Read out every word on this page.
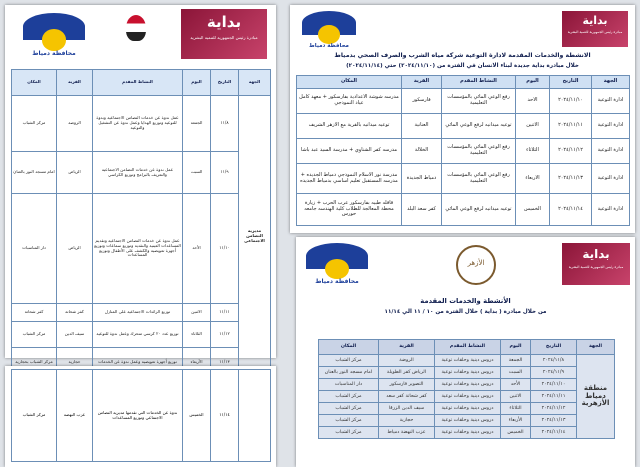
محافظة دمياط
بداية
مبادرة رئيس الجمهورية للتنمية البشرية
الجهة	التاريخ	اليوم	النشاط المقدم	القرية	المكان
مديرية التضامن الاجتماعي	١١/٨	الجمعة	عمل ندوة عن خدمات التضامن الاجتماعية وندوة للتوعية وتوزيع الهدايا وعمل ندوة عن التشغيل والتوعية	الروضة	مركز الشباب
	١١/٩	السبت	عمل ندوة عن خدمات التضامن الاجتماعية والتعريف بالبرامج وتوزيع الكراسي	الرياض	امام مسجد النور بالعنان
	١١/١٠	الأحد	عمل ندوة عن خدمات التضامن الاجتماعية وتقديم المساعدات العينية والنقدية وتوزيع سماعات وتوزيع أجهزة تعويضية والكشف على الأطفال وتوزيع المساعدات	الرياض	دار المناسبات
	١١/١١	الاثنين	توزيع الرائدات الاجتماعية على المنازل	كفر شحاتة	كفر شحاتة
	١١/١٢	الثلاثاء	توزيع عدد ٢٠ كرسي متحرك وعمل ندوة للتوعية	سيف الدين	مركز الشباب
	١١/١٣	الأربعاء	توزيع أجهزة تعويضية وعمل ندوة عن الخدمات	حجازية	مركز الشباب بحجازية
	١١/١٤	الخميس	ندوة عن الخدمات التي تقدمها مديرية التضامن الاجتماعي وتوزيع المساعدات	عزب النهضة	مركز الشباب
محافظة دمياط
بداية
مبادرة رئيس الجمهورية للتنمية البشرية
الانشطة والخدمات المقدمة لادارة التوعية شركة مياه الشرب والصرف الصحي بدمياط
خلال مبادرة بداية جديدة لبناء الانسان في الفترة من (٢٠٢٤/١١/١٠) حتي (٢٠٢٤/١١/١٤)
الجهة	التاريخ	اليوم	النشاط المقدم	القرية	المكان
ادارة التوعية	٢٠٢٤/١١/١٠	الاحد	رفع الوعي المائي بالمؤسسات التعليمية	فارسكور	مدرسه شوشة الاعدادية بفارسكور + معهد كامل عياد النموذجي
ادارة التوعية	٢٠٢٤/١١/١١	الاثنين	توعيه ميدانيه لرفع الوعي المائي	العنانية	توعيه ميدانيه بالقرية مع الازهر الشريف
ادارة التوعية	٢٠٢٤/١١/١٢	الثلاثاء	رفع الوعي المائي بالمؤسسات التعليمية	الخلالة	مدرسه كفر الشناوي + مدرسة السيد عبد باشا
ادارة التوعية	٢٠٢٤/١١/١٣	الاربعاء	رفع الوعي المائي بالمؤسسات التعليمية	دمياط الجديدة	مدرسة نور الاسلام النموذجي دمياط الجديده + مدرسه المستقبل تعليم اساسي بدمياط الجديده
ادارة التوعية	٢٠٢٤/١١/١٤	الخميس	توعيه ميدانيه لرفع الوعي المائي	كفر سعد البلد	قافله طبيه بفارسكور عرب الحرب + زيارة محطة المعالجة للطلاب كلية الهندسه جامعه حورس
محافظة دمياط
الأزهر
بداية
مبادرة رئيس الجمهورية للتنمية البشرية
الأنشطة والخدمات المقدمة
من خلال مبادرة ( بداية ) خلال الفترة من ١٠ / ١١ الي ١١/١٤
الجهة	التاريخ	اليوم	النشاط المقدم	القرية	المكان
منطقة دمياط الأزهرية	٢٠٢٤/١١/٨	الجمعة	دروس دينية وحلقات توعية	الروضة	مركز الشباب
	٢٠٢٤/١١/٩	السبت	دروس دينية وحلقات توعية	الرياض كفر الطويلة	امام مسجد النور بالعنان
	٢٠٢٤/١١/١٠	الأحد	دروس دينية وحلقات توعية	التصوير فارسكور	دار المناسبات
	٢٠٢٤/١١/١١	الاثنين	دروس دينية وحلقات توعية	كفر شحاتة كفر سعد	مركز الشباب
	٢٠٢٤/١١/١٢	الثلاثاء	دروس دينية وحلقات توعية	سيف الدين الزرقا	مركز الشباب
	٢٠٢٤/١١/١٣	الأربعاء	دروس دينية وحلقات توعية	حجازية	مركز الشباب
	٢٠٢٤/١١/١٤	الخميس	دروس دينية وحلقات توعية	عزب النهضة دمياط	مركز الشباب
